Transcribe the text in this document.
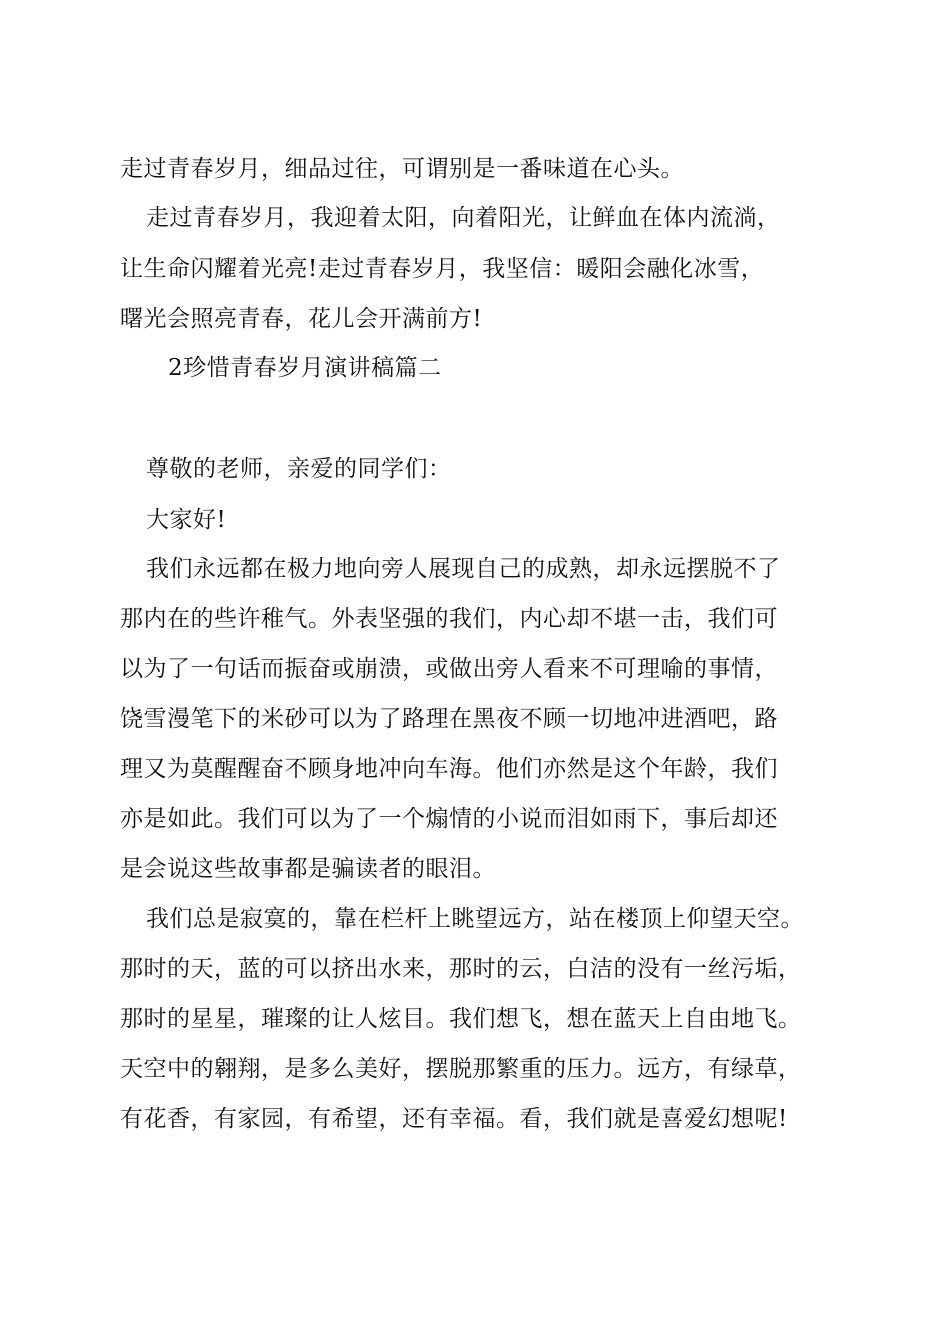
走过青春岁月，细品过往，可谓别是一番味道在心头。
走过青春岁月，我迎着太阳，向着阳光，让鲜血在体内流淌，
让生命闪耀着光亮!走过青春岁月，我坚信：暖阳会融化冰雪，
曙光会照亮青春，花儿会开满前方!
2珍惜青春岁月演讲稿篇二
尊敬的老师，亲爱的同学们：
大家好!
我们永远都在极力地向旁人展现自己的成熟，却永远摆脱不了
那内在的些许稚气。外表坚强的我们，内心却不堪一击，我们可
以为了一句话而振奋或崩溃，或做出旁人看来不可理喻的事情，
饶雪漫笔下的米砂可以为了路理在黑夜不顾一切地冲进酒吧，路
理又为莫醒醒奋不顾身地冲向车海。他们亦然是这个年龄，我们
亦是如此。我们可以为了一个煽情的小说而泪如雨下，事后却还
是会说这些故事都是骗读者的眼泪。
我们总是寂寞的，靠在栏杆上眺望远方，站在楼顶上仰望天空。
那时的天，蓝的可以挤出水来，那时的云，白洁的没有一丝污垢，
那时的星星，璀璨的让人炫目。我们想飞，想在蓝天上自由地飞。
天空中的翱翔，是多么美好，摆脱那繁重的压力。远方，有绿草，
有花香，有家园，有希望，还有幸福。看，我们就是喜爱幻想呢!
